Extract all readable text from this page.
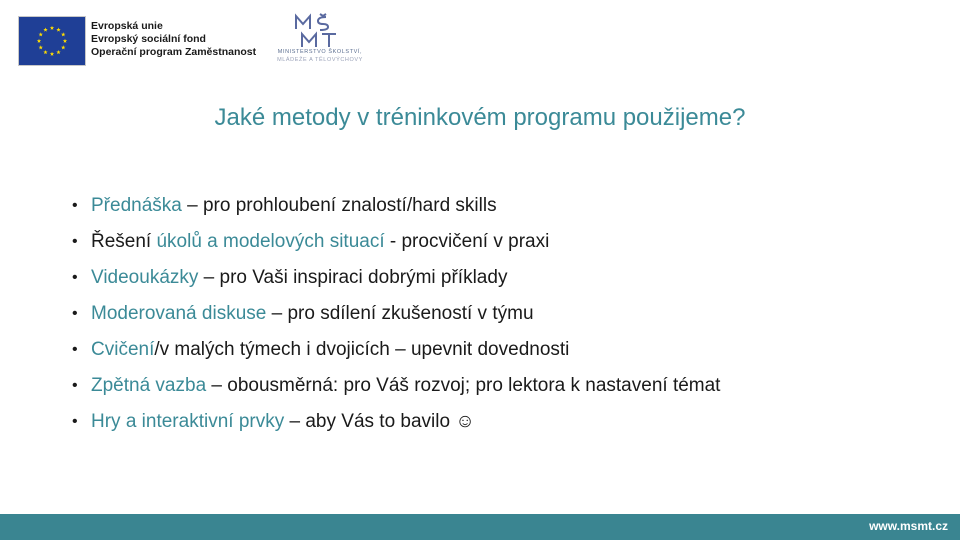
Evropská unie
Evropský sociální fond
Operační program Zaměstnanost	MINISTERSTVO ŠKOLSTVÍ,
MLÁDEŽE A TĚLOVÝCHOVY
Jaké metody v tréninkovém programu použijeme?
• Přednáška – pro prohloubení znalostí/hard skills
• Řešení úkolů a modelových situací - procvičení v praxi
• Videoukázky – pro Vaši inspiraci dobrými příklady
• Moderovaná diskuse – pro sdílení zkušeností v týmu
• Cvičení/v malých týmech i dvojicích – upevnit dovednosti
• Zpětná vazba – obousměrná: pro Váš rozvoj; pro lektora k nastavení témat
• Hry a interaktivní prvky – aby Vás to bavilo ☺
www.msmt.cz
